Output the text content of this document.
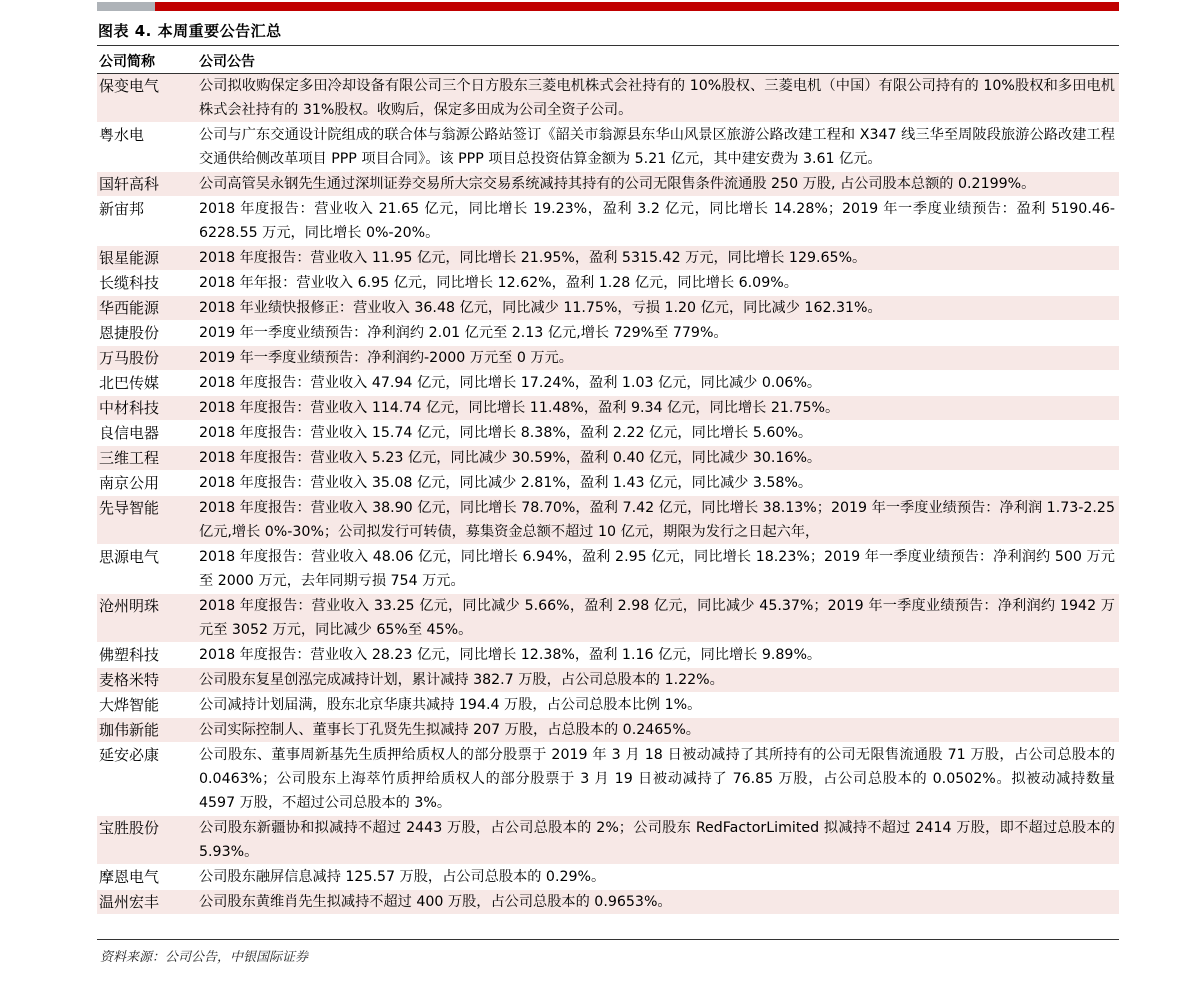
图表 4. 本周重要公告汇总
公司简称	公司公告
保变电气	公司拟收购保定多田冷却设备有限公司三个日方股东三菱电机株式会社持有的 10%股权、三菱电机（中国）有限公司持有的 10%股权和多田电机株式会社持有的 31%股权。收购后，保定多田成为公司全资子公司。
粤水电	公司与广东交通设计院组成的联合体与翁源公路站签订《韶关市翁源县东华山风景区旅游公路改建工程和 X347 线三华至周陂段旅游公路改建工程交通供给侧改革项目 PPP 项目合同》。该 PPP 项目总投资估算金额为 5.21 亿元，其中建安费为 3.61 亿元。
国轩高科	公司高管吴永钢先生通过深圳证券交易所大宗交易系统减持其持有的公司无限售条件流通股 250 万股, 占公司股本总额的 0.2199%。
新宙邦	2018 年度报告：营业收入 21.65 亿元，同比增长 19.23%，盈利 3.2 亿元，同比增长 14.28%；2019 年一季度业绩预告：盈利 5190.46-6228.55 万元，同比增长 0%-20%。
银星能源	2018 年度报告：营业收入 11.95 亿元，同比增长 21.95%，盈利 5315.42 万元，同比增长 129.65%。
长缆科技	2018 年年报：营业收入 6.95 亿元，同比增长 12.62%，盈利 1.28 亿元，同比增长 6.09%。
华西能源	2018 年业绩快报修正：营业收入 36.48 亿元，同比减少 11.75%，亏损 1.20 亿元，同比减少 162.31%。
恩捷股份	2019 年一季度业绩预告：净利润约 2.01 亿元至 2.13 亿元,增长 729%至 779%。
万马股份	2019 年一季度业绩预告：净利润约-2000 万元至 0 万元。
北巴传媒	2018 年度报告：营业收入 47.94 亿元，同比增长 17.24%，盈利 1.03 亿元，同比减少 0.06%。
中材科技	2018 年度报告：营业收入 114.74 亿元，同比增长 11.48%，盈利 9.34 亿元，同比增长 21.75%。
良信电器	2018 年度报告：营业收入 15.74 亿元，同比增长 8.38%，盈利 2.22 亿元，同比增长 5.60%。
三维工程	2018 年度报告：营业收入 5.23 亿元，同比减少 30.59%，盈利 0.40 亿元，同比减少 30.16%。
南京公用	2018 年度报告：营业收入 35.08 亿元，同比减少 2.81%，盈利 1.43 亿元，同比减少 3.58%。
先导智能	2018 年度报告：营业收入 38.90 亿元，同比增长 78.70%，盈利 7.42 亿元，同比增长 38.13%；2019 年一季度业绩预告：净利润 1.73-2.25 亿元,增长 0%-30%；公司拟发行可转债，募集资金总额不超过 10 亿元，期限为发行之日起六年，
思源电气	2018 年度报告：营业收入 48.06 亿元，同比增长 6.94%，盈利 2.95 亿元，同比增长 18.23%；2019 年一季度业绩预告：净利润约 500 万元至 2000 万元，去年同期亏损 754 万元。
沧州明珠	2018 年度报告：营业收入 33.25 亿元，同比减少 5.66%，盈利 2.98 亿元，同比减少 45.37%；2019 年一季度业绩预告：净利润约 1942 万元至 3052 万元，同比减少 65%至 45%。
佛塑科技	2018 年度报告：营业收入 28.23 亿元，同比增长 12.38%，盈利 1.16 亿元，同比增长 9.89%。
麦格米特	公司股东复星创泓完成减持计划，累计减持 382.7 万股，占公司总股本的 1.22%。
大烨智能	公司减持计划届满，股东北京华康共减持 194.4 万股，占公司总股本比例 1%。
珈伟新能	公司实际控制人、董事长丁孔贤先生拟减持 207 万股，占总股本的 0.2465%。
延安必康	公司股东、董事周新基先生质押给质权人的部分股票于 2019 年 3 月 18 日被动减持了其所持有的公司无限售流通股 71 万股，占公司总股本的 0.0463%；公司股东上海萃竹质押给质权人的部分股票于 3 月 19 日被动减持了 76.85 万股，占公司总股本的 0.0502%。拟被动减持数量 4597 万股，不超过公司总股本的 3%。
宝胜股份	公司股东新疆协和拟减持不超过 2443 万股，占公司总股本的 2%；公司股东 RedFactorLimited 拟减持不超过 2414 万股，即不超过总股本的 5.93%。
摩恩电气	公司股东融屏信息减持 125.57 万股，占公司总股本的 0.29%。
温州宏丰	公司股东黄维肖先生拟减持不超过 400 万股，占公司总股本的 0.9653%。
资料来源：公司公告，中银国际证券
